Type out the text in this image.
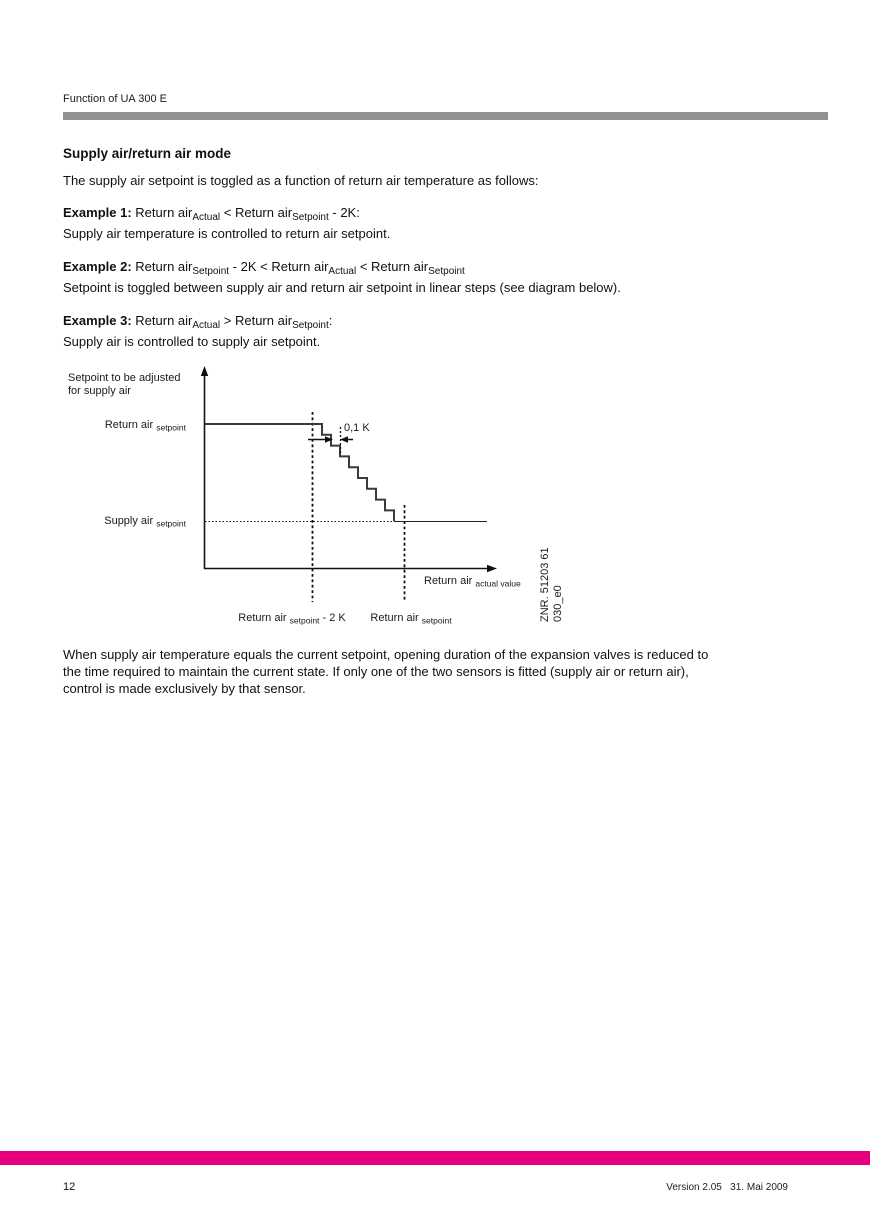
Function of UA 300 E
Supply air/return air mode
The supply air setpoint is toggled as a function of return air temperature as follows:
Example 1: Return air$_{Actual}$ < Return air$_{Setpoint}$ - 2K:
Supply air temperature is controlled to return air setpoint.
Example 2: Return air$_{Setpoint}$ - 2K < Return air$_{Actual}$ < Return air$_{Setpoint}$
Setpoint is toggled between supply air and return air setpoint in linear steps (see diagram below).
Example 3: Return air$_{Actual}$ > Return air$_{Setpoint}$:
Supply air is controlled to supply air setpoint.
Setpoint to be adjusted for supply air
Return air $_{setpoint}$
Supply air $_{setpoint}$
0,1 K
Return air $_{actual value}$
Return air $_{setpoint}$ - 2 K Return air $_{setpoint}$	ZNR. 51203 61 030_e0
When supply air temperature equals the current setpoint, opening duration of the expansion valves is reduced to
the time required to maintain the current state. If only one of the two sensors is fitted (supply air or return air),
control is made exclusively by that sensor.
12	Version 2.05   31. Mai 2009
